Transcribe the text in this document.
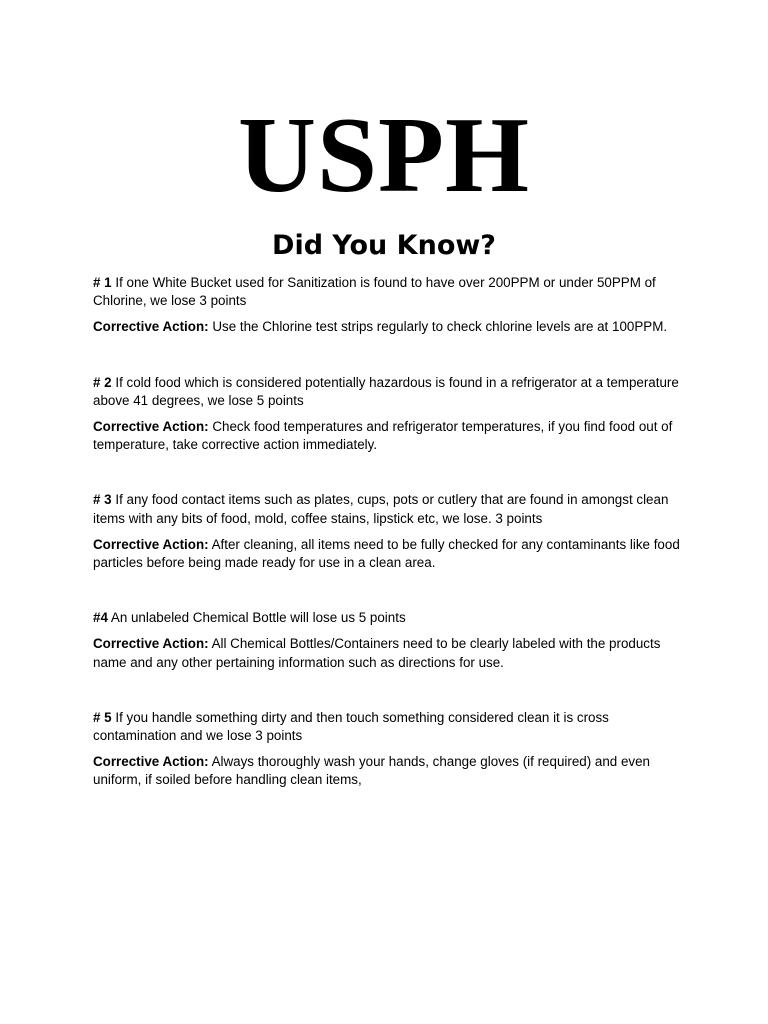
USPH
Did You Know?

# 1 If one White Bucket used for Sanitization is found to have over 200PPM or under 50PPM of Chlorine, we lose 3 points

Corrective Action: Use the Chlorine test strips regularly to check chlorine levels are at 100PPM.

# 2 If cold food which is considered potentially hazardous is found in a refrigerator at a temperature above 41 degrees, we lose 5 points

Corrective Action: Check food temperatures and refrigerator temperatures, if you find food out of temperature, take corrective action immediately.

# 3 If any food contact items such as plates, cups, pots or cutlery that are found in amongst clean items with any bits of food, mold, coffee stains, lipstick etc, we lose. 3 points

Corrective Action: After cleaning, all items need to be fully checked for any contaminants like food particles before being made ready for use in a clean area.

#4 An unlabeled Chemical Bottle will lose us 5 points

Corrective Action: All Chemical Bottles/Containers need to be clearly labeled with the products name and any other pertaining information such as directions for use.

# 5 If you handle something dirty and then touch something considered clean it is cross contamination and we lose 3 points

Corrective Action: Always thoroughly wash your hands, change gloves (if required) and even uniform, if soiled before handling clean items,
